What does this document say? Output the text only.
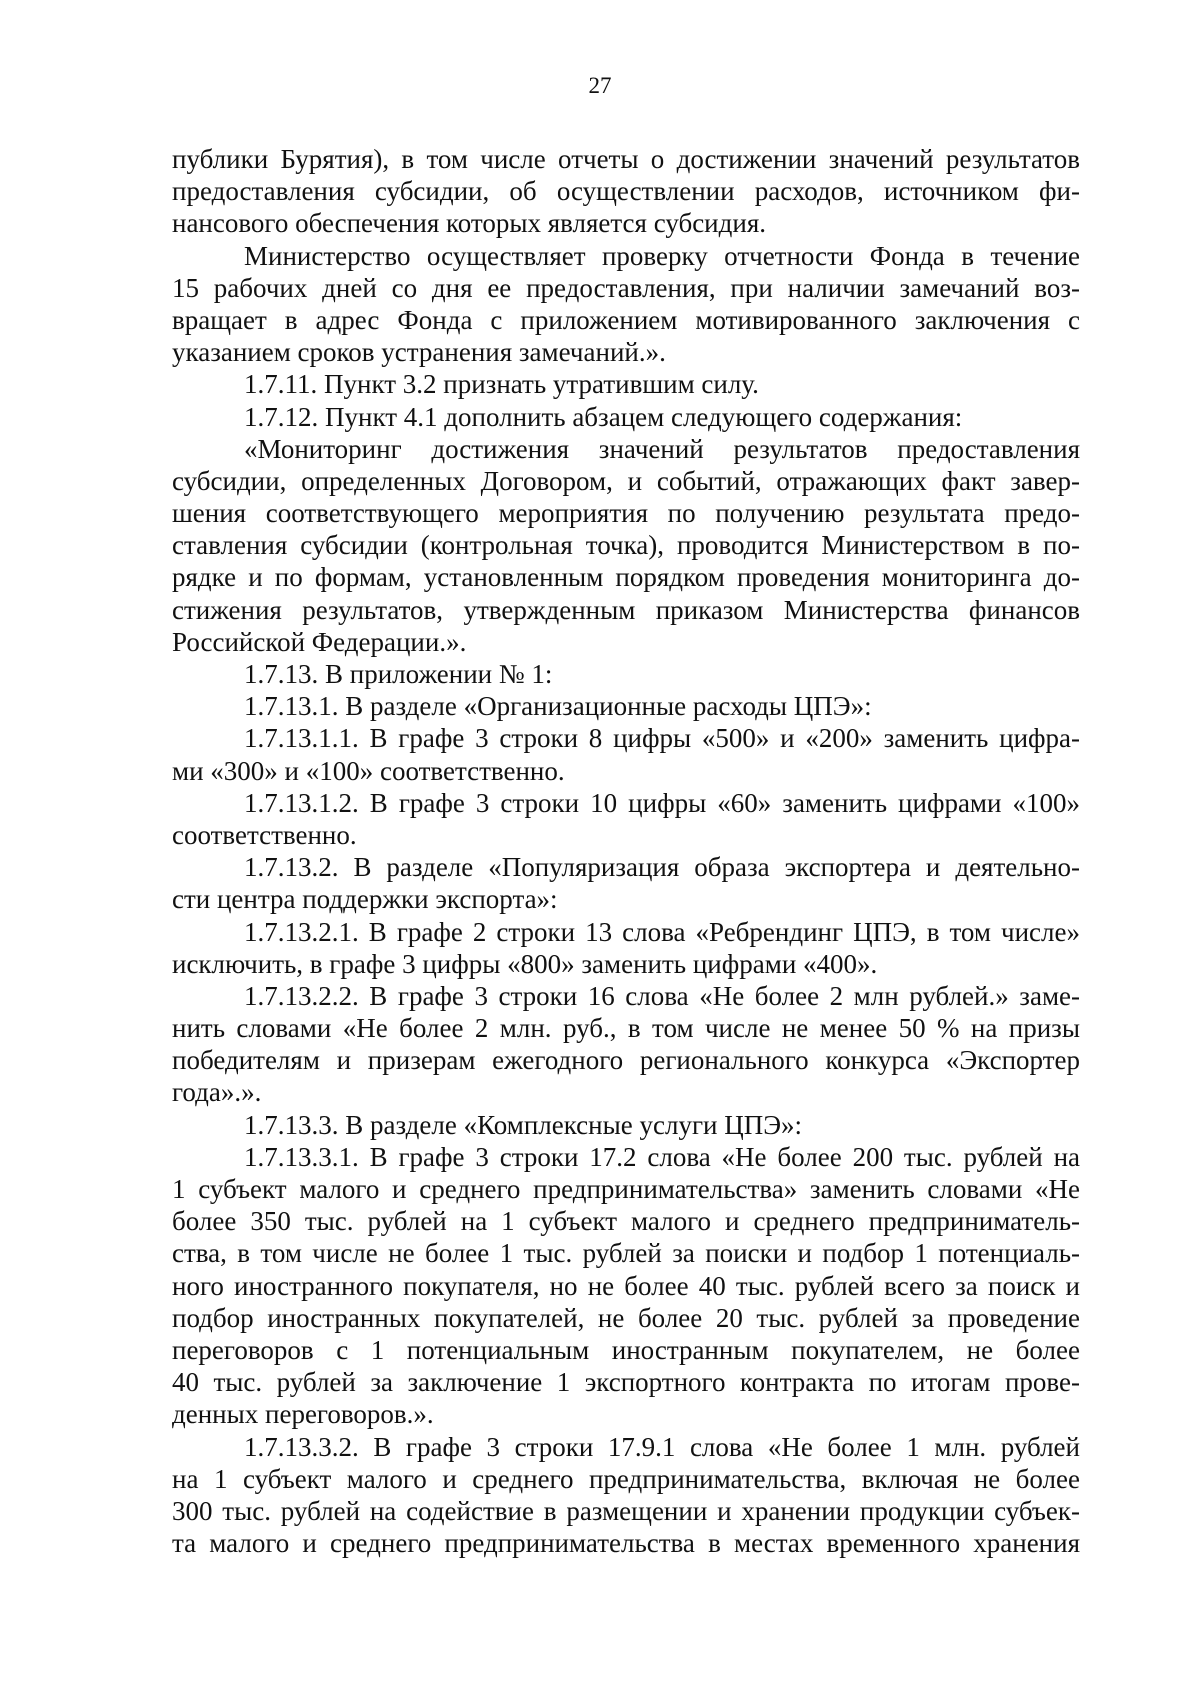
27
публики Бурятия), в том числе отчеты о достижении значений результатов
предоставления субсидии, об осуществлении расходов, источником фи-
нансового обеспечения которых является субсидия.
Министерство осуществляет проверку отчетности Фонда в течение
15 рабочих дней со дня ее предоставления, при наличии замечаний воз-
вращает в адрес Фонда с приложением мотивированного заключения с
указанием сроков устранения замечаний.».
1.7.11. Пункт 3.2 признать утратившим силу.
1.7.12. Пункт 4.1 дополнить абзацем следующего содержания:
«Мониторинг достижения значений результатов предоставления
субсидии, определенных Договором, и событий, отражающих факт завер-
шения соответствующего мероприятия по получению результата предо-
ставления субсидии (контрольная точка), проводится Министерством в по-
рядке и по формам, установленным порядком проведения мониторинга до-
стижения результатов, утвержденным приказом Министерства финансов
Российской Федерации.».
1.7.13. В приложении № 1:
1.7.13.1. В разделе «Организационные расходы ЦПЭ»:
1.7.13.1.1. В графе 3 строки 8 цифры «500» и «200» заменить цифра-
ми «300» и «100» соответственно.
1.7.13.1.2. В графе 3 строки 10 цифры «60» заменить цифрами «100»
соответственно.
1.7.13.2. В разделе «Популяризация образа экспортера и деятельно-
сти центра поддержки экспорта»:
1.7.13.2.1. В графе 2 строки 13 слова «Ребрендинг ЦПЭ, в том числе»
исключить, в графе 3 цифры «800» заменить цифрами «400».
1.7.13.2.2. В графе 3 строки 16 слова «Не более 2 млн рублей.» заме-
нить словами «Не более 2 млн. руб., в том числе не менее 50 % на призы
победителям и призерам ежегодного регионального конкурса «Экспортер
года».».
1.7.13.3. В разделе «Комплексные услуги ЦПЭ»:
1.7.13.3.1. В графе 3 строки 17.2 слова «Не более 200 тыс. рублей на
1 субъект малого и среднего предпринимательства» заменить словами «Не
более 350 тыс. рублей на 1 субъект малого и среднего предприниматель-
ства, в том числе не более 1 тыс. рублей за поиски и подбор 1 потенциаль-
ного иностранного покупателя, но не более 40 тыс. рублей всего за поиск и
подбор иностранных покупателей, не более 20 тыс. рублей за проведение
переговоров с 1 потенциальным иностранным покупателем, не более
40 тыс. рублей за заключение 1 экспортного контракта по итогам прове-
денных переговоров.».
1.7.13.3.2. В графе 3 строки 17.9.1 слова «Не более 1 млн. рублей
на 1 субъект малого и среднего предпринимательства, включая не более
300 тыс. рублей на содействие в размещении и хранении продукции субъек-
та малого и среднего предпринимательства в местах временного хранения
